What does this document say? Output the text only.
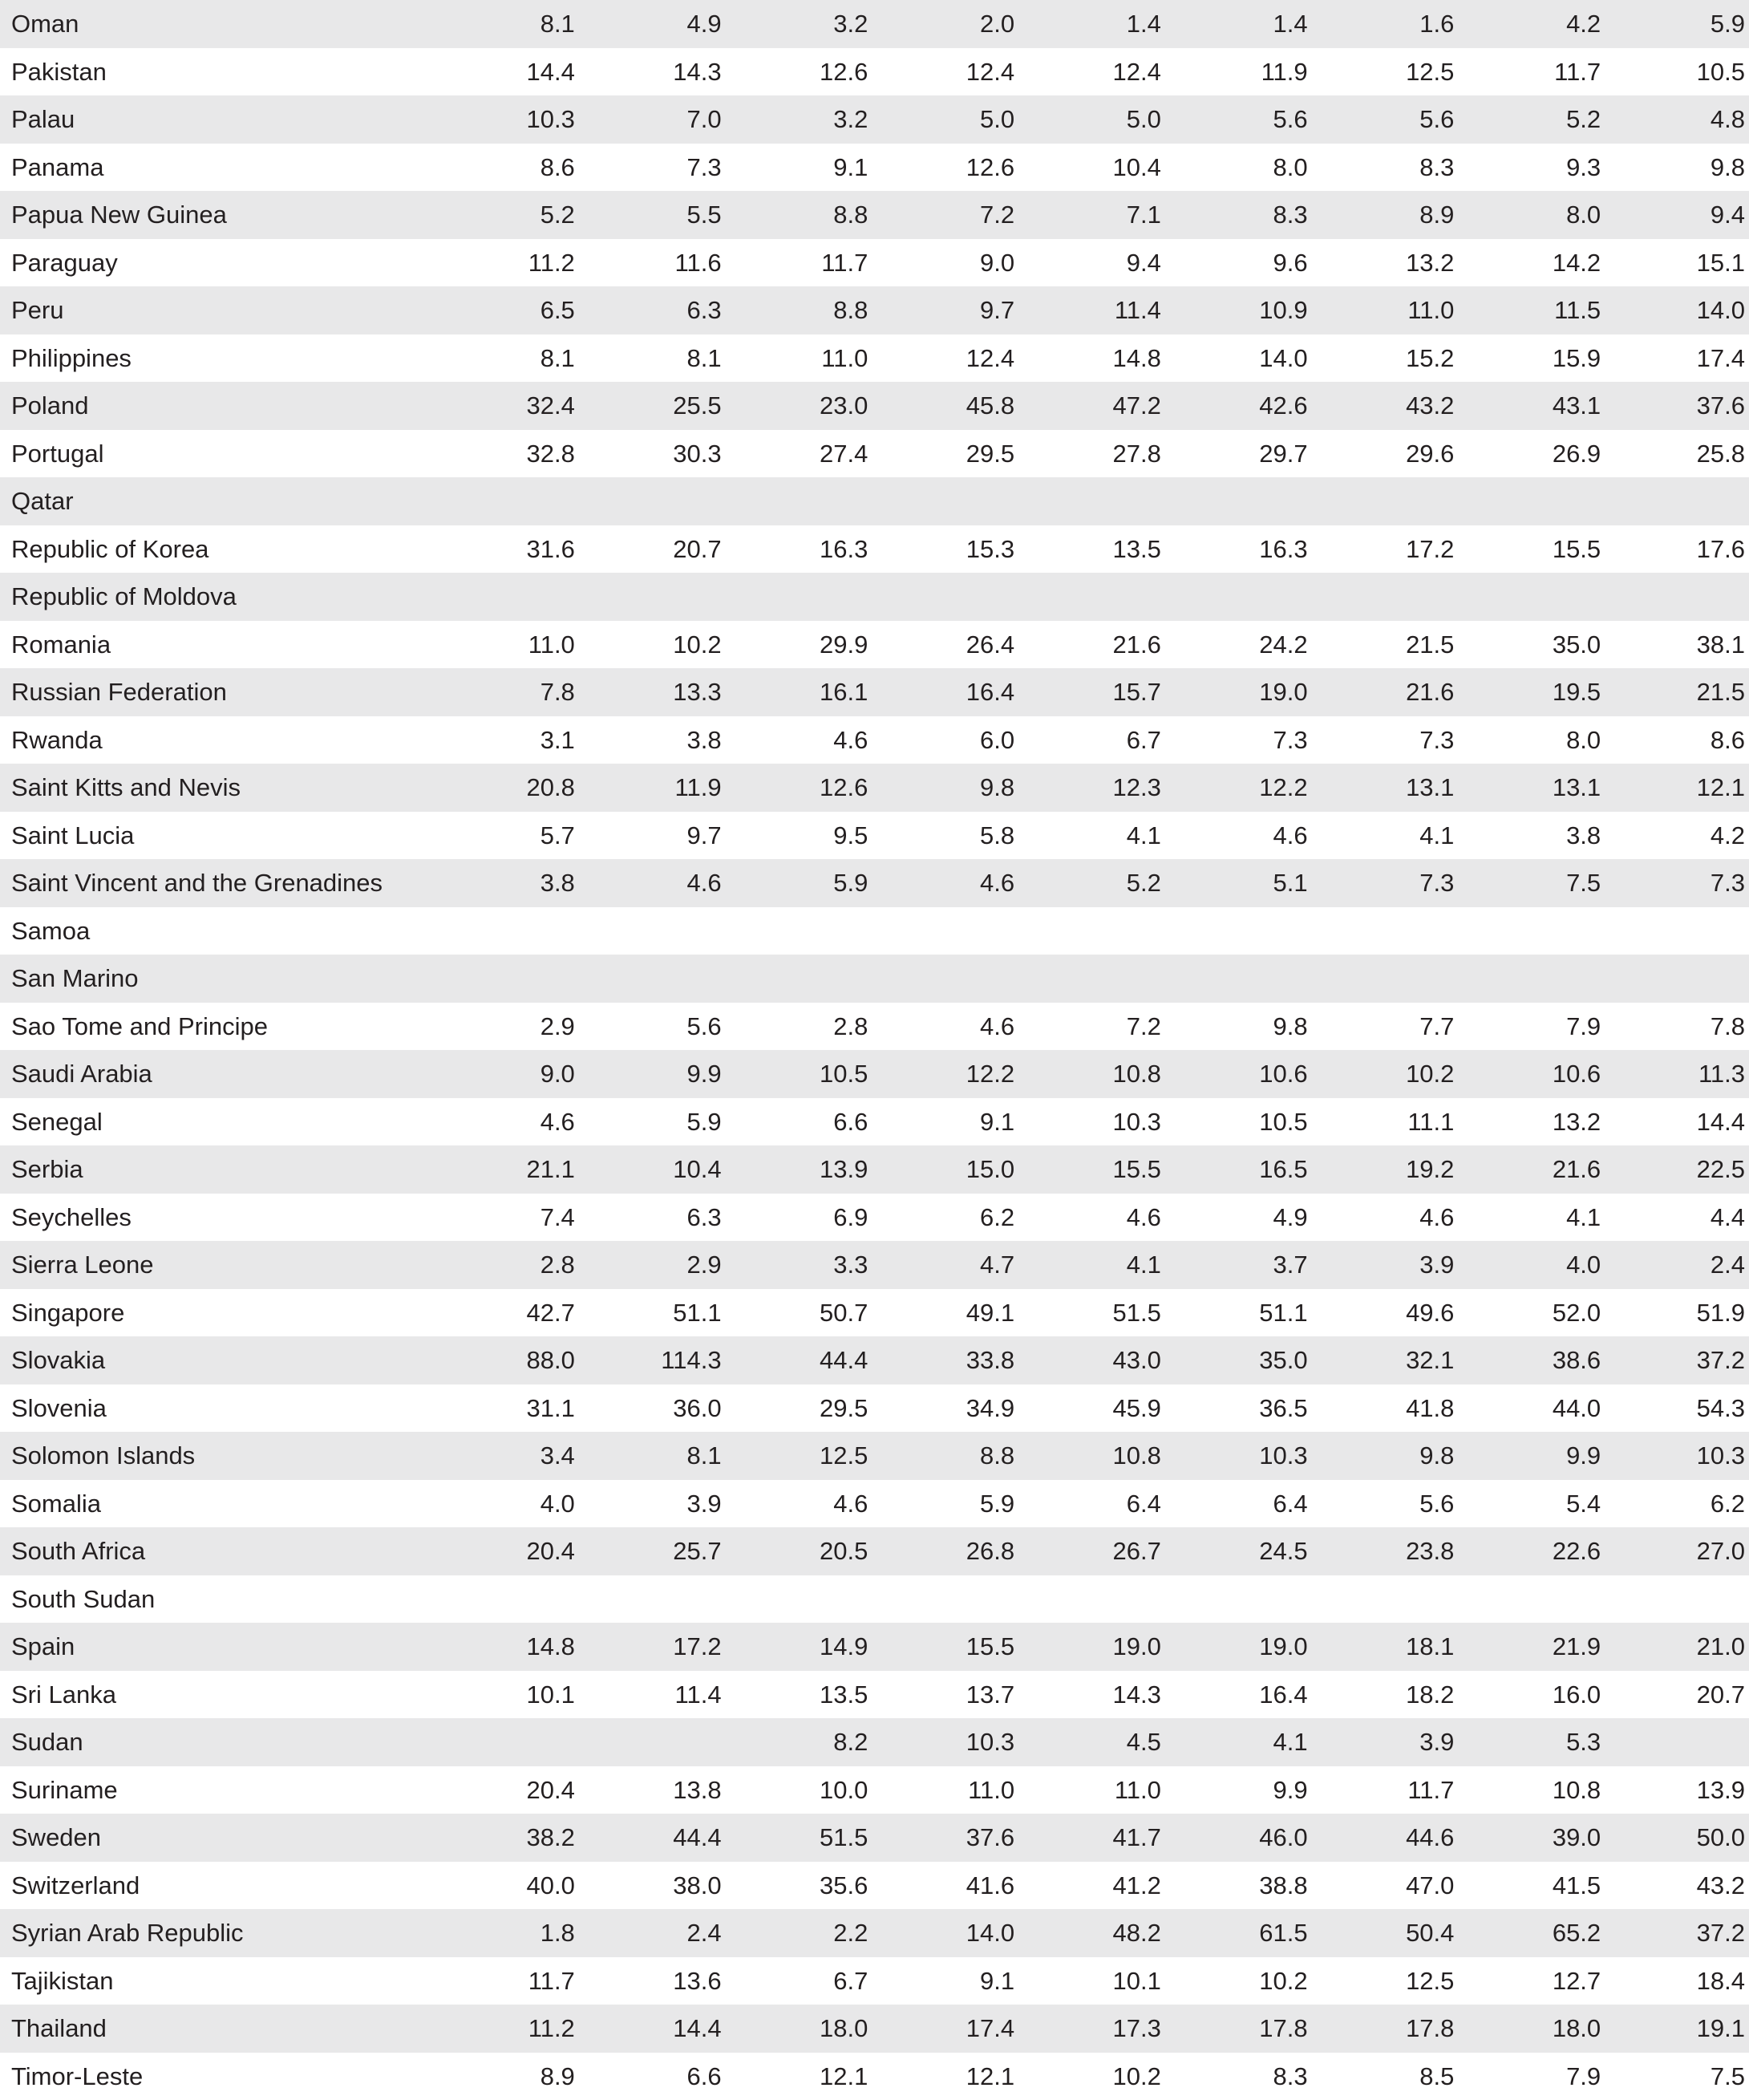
Oman	8.1	4.9	3.2	2.0	1.4	1.4	1.6	4.2	5.9
Pakistan	14.4	14.3	12.6	12.4	12.4	11.9	12.5	11.7	10.5
Palau	10.3	7.0	3.2	5.0	5.0	5.6	5.6	5.2	4.8
Panama	8.6	7.3	9.1	12.6	10.4	8.0	8.3	9.3	9.8
Papua New Guinea	5.2	5.5	8.8	7.2	7.1	8.3	8.9	8.0	9.4
Paraguay	11.2	11.6	11.7	9.0	9.4	9.6	13.2	14.2	15.1
Peru	6.5	6.3	8.8	9.7	11.4	10.9	11.0	11.5	14.0
Philippines	8.1	8.1	11.0	12.4	14.8	14.0	15.2	15.9	17.4
Poland	32.4	25.5	23.0	45.8	47.2	42.6	43.2	43.1	37.6
Portugal	32.8	30.3	27.4	29.5	27.8	29.7	29.6	26.9	25.8
Qatar									
Republic of Korea	31.6	20.7	16.3	15.3	13.5	16.3	17.2	15.5	17.6
Republic of Moldova									
Romania	11.0	10.2	29.9	26.4	21.6	24.2	21.5	35.0	38.1
Russian Federation	7.8	13.3	16.1	16.4	15.7	19.0	21.6	19.5	21.5
Rwanda	3.1	3.8	4.6	6.0	6.7	7.3	7.3	8.0	8.6
Saint Kitts and Nevis	20.8	11.9	12.6	9.8	12.3	12.2	13.1	13.1	12.1
Saint Lucia	5.7	9.7	9.5	5.8	4.1	4.6	4.1	3.8	4.2
Saint Vincent and the Grenadines	3.8	4.6	5.9	4.6	5.2	5.1	7.3	7.5	7.3
Samoa									
San Marino									
Sao Tome and Principe	2.9	5.6	2.8	4.6	7.2	9.8	7.7	7.9	7.8
Saudi Arabia	9.0	9.9	10.5	12.2	10.8	10.6	10.2	10.6	11.3
Senegal	4.6	5.9	6.6	9.1	10.3	10.5	11.1	13.2	14.4
Serbia	21.1	10.4	13.9	15.0	15.5	16.5	19.2	21.6	22.5
Seychelles	7.4	6.3	6.9	6.2	4.6	4.9	4.6	4.1	4.4
Sierra Leone	2.8	2.9	3.3	4.7	4.1	3.7	3.9	4.0	2.4
Singapore	42.7	51.1	50.7	49.1	51.5	51.1	49.6	52.0	51.9
Slovakia	88.0	114.3	44.4	33.8	43.0	35.0	32.1	38.6	37.2
Slovenia	31.1	36.0	29.5	34.9	45.9	36.5	41.8	44.0	54.3
Solomon Islands	3.4	8.1	12.5	8.8	10.8	10.3	9.8	9.9	10.3
Somalia	4.0	3.9	4.6	5.9	6.4	6.4	5.6	5.4	6.2
South Africa	20.4	25.7	20.5	26.8	26.7	24.5	23.8	22.6	27.0
South Sudan									
Spain	14.8	17.2	14.9	15.5	19.0	19.0	18.1	21.9	21.0
Sri Lanka	10.1	11.4	13.5	13.7	14.3	16.4	18.2	16.0	20.7
Sudan			8.2	10.3	4.5	4.1	3.9	5.3	
Suriname	20.4	13.8	10.0	11.0	11.0	9.9	11.7	10.8	13.9
Sweden	38.2	44.4	51.5	37.6	41.7	46.0	44.6	39.0	50.0
Switzerland	40.0	38.0	35.6	41.6	41.2	38.8	47.0	41.5	43.2
Syrian Arab Republic	1.8	2.4	2.2	14.0	48.2	61.5	50.4	65.2	37.2
Tajikistan	11.7	13.6	6.7	9.1	10.1	10.2	12.5	12.7	18.4
Thailand	11.2	14.4	18.0	17.4	17.3	17.8	17.8	18.0	19.1
Timor-Leste	8.9	6.6	12.1	12.1	10.2	8.3	8.5	7.9	7.5
